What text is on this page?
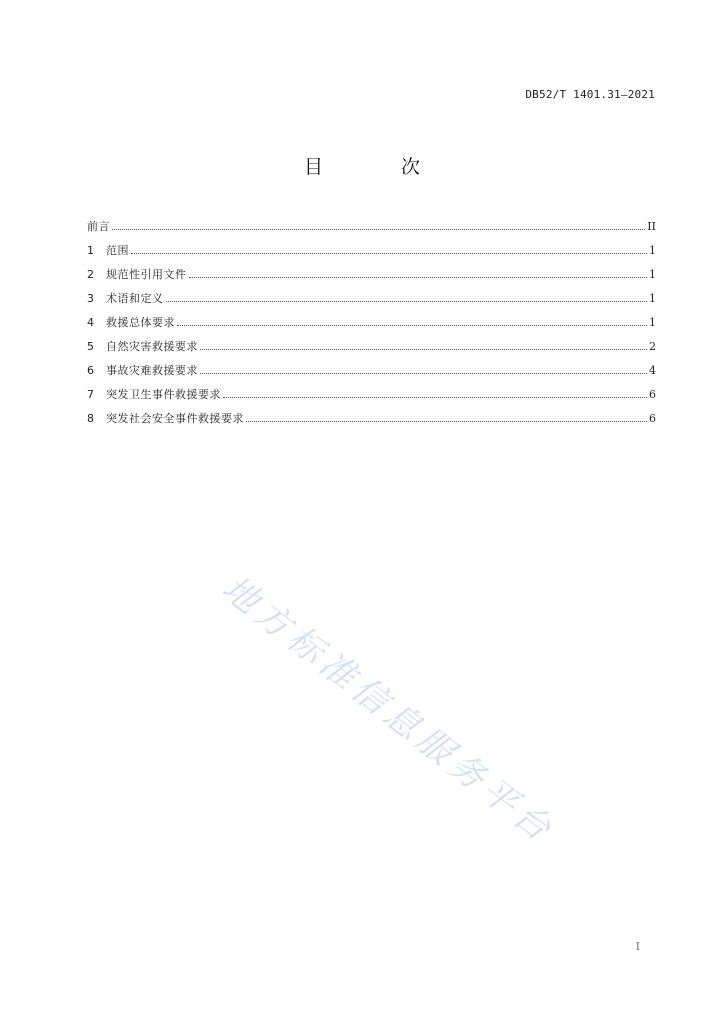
DB52/T 1401.31—2021
目 次
前言	II
1	范围	1
2	规范性引用文件	1
3	术语和定义	1
4	救援总体要求	1
5	自然灾害救援要求	2
6	事故灾难救援要求	4
7	突发卫生事件救援要求	6
8	突发社会安全事件救援要求	6
地方标准信息服务平台
I
